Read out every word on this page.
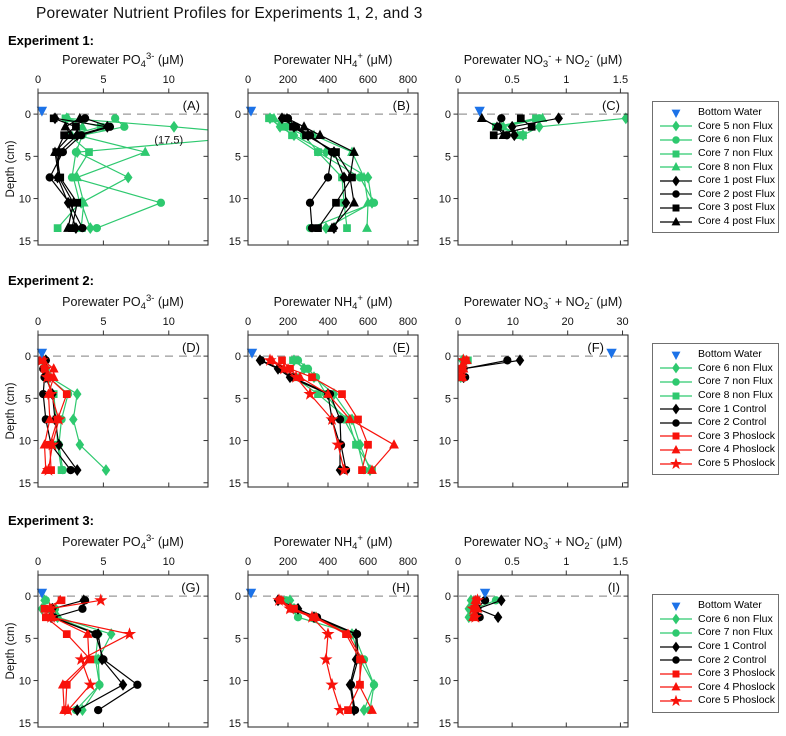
Porewater Nutrient Profiles for Experiments 1, 2, and 3
Experiment 1:
Experiment 2:
Experiment 3:
Porewater $PO_4^{3-}$ (μM)
0	5	10
0
5
10
15
(A)
(17.5)
Depth (cm)
Porewater $NH_4^+$ (μM)
0	200 400 600 800
0
5
10
15
(B)
Porewater $NO_3^- + NO_2^-$ (μM)
0	0.5	1	1.5
0
5
10
15
(C)
Porewater $PO_4^{3-}$ (μM)
0	5	10
0
5
10
15
(D)
Depth (cm)
Porewater $NH_4^+$ (μM)
0	200 400 600 800
0
5
10
15
(E)
Porewater $NO_3^- + NO_2^-$ (μM)
0	10	20	30
0
5
10
15
(F)
Porewater $PO_4^{3-}$ (μM)
0	5	10
0
5
10
15
(G)
Depth (cm)
Porewater $NH_4^+$ (μM)
0	200 400 600 800
0
5
10
15
(H)
Porewater $NO_3^- + NO_2^-$ (μM)
0	0.5	1	1.5
0
5
10
15
(I)
Bottom Water
Core 5 non Flux
Core 6 non Flux
Core 7 non Flux
Core 8 non Flux
Core 1 post Flux
Core 2 post Flux
Core 3 post Flux
Core 4 post Flux
Bottom Water
Core 6 non Flux
Core 7 non Flux
Core 8 non Flux
Core 1 Control
Core 2 Control
Core 3 Phoslock
Core 4 Phoslock
Core 5 Phoslock
Bottom Water
Core 6 non Flux
Core 7 non Flux
Core 1 Control
Core 2 Control
Core 3 Phoslock
Core 4 Phoslock
Core 5 Phoslock
